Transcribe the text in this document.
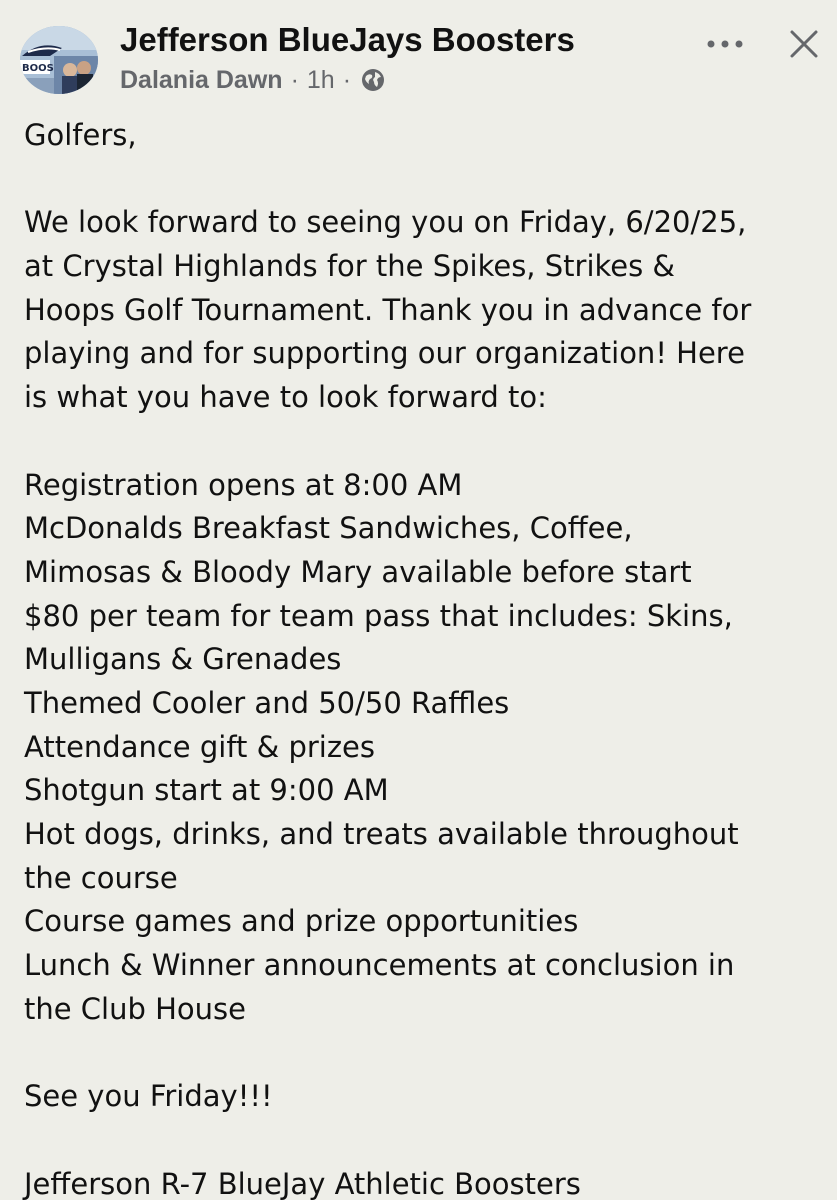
BOOS
Jefferson BlueJays Boosters
Dalania Dawn · 1h ·
Golfers,
We look forward to seeing you on Friday, 6/20/25,
at Crystal Highlands for the Spikes, Strikes &
Hoops Golf Tournament. Thank you in advance for
playing and for supporting our organization! Here
is what you have to look forward to:
Registration opens at 8:00 AM
McDonalds Breakfast Sandwiches, Coffee,
Mimosas & Bloody Mary available before start
$80 per team for team pass that includes: Skins,
Mulligans & Grenades
Themed Cooler and 50/50 Raffles
Attendance gift & prizes
Shotgun start at 9:00 AM
Hot dogs, drinks, and treats available throughout
the course
Course games and prize opportunities
Lunch & Winner announcements at conclusion in
the Club House
See you Friday!!!
Jefferson R-7 BlueJay Athletic Boosters
